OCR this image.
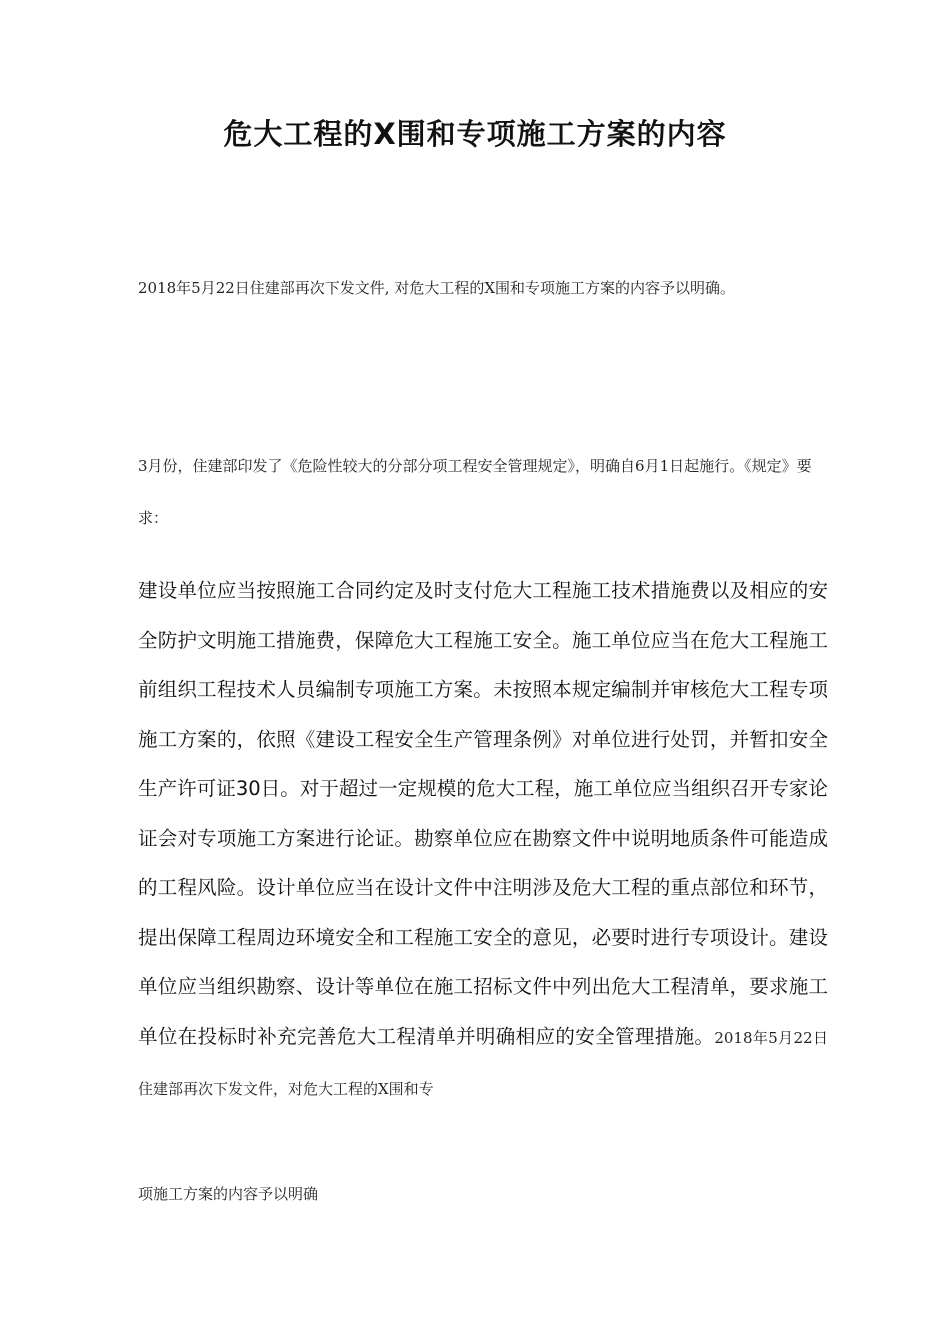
危大工程的X围和专项施工方案的内容

2018年5月22日住建部再次下发文件, 对危大工程的X围和专项施工方案的内容予以明确。

3月份，住建部印发了《危险性较大的分部分项工程安全管理规定》，明确自6月1日起施行。《规定》要求：

建设单位应当按照施工合同约定及时支付危大工程施工技术措施费以及相应的安全防护文明施工措施费，保障危大工程施工安全。施工单位应当在危大工程施工前组织工程技术人员编制专项施工方案。未按照本规定编制并审核危大工程专项施工方案的，依照《建设工程安全生产管理条例》对单位进行处罚，并暂扣安全生产许可证30日。对于超过一定规模的危大工程，施工单位应当组织召开专家论证会对专项施工方案进行论证。勘察单位应在勘察文件中说明地质条件可能造成的工程风险。设计单位应当在设计文件中注明涉及危大工程的重点部位和环节，提出保障工程周边环境安全和工程施工安全的意见，必要时进行专项设计。建设单位应当组织勘察、设计等单位在施工招标文件中列出危大工程清单，要求施工单位在投标时补充完善危大工程清单并明确相应的安全管理措施。2018年5月22日住建部再次下发文件，对危大工程的X围和专

项施工方案的内容予以明确
